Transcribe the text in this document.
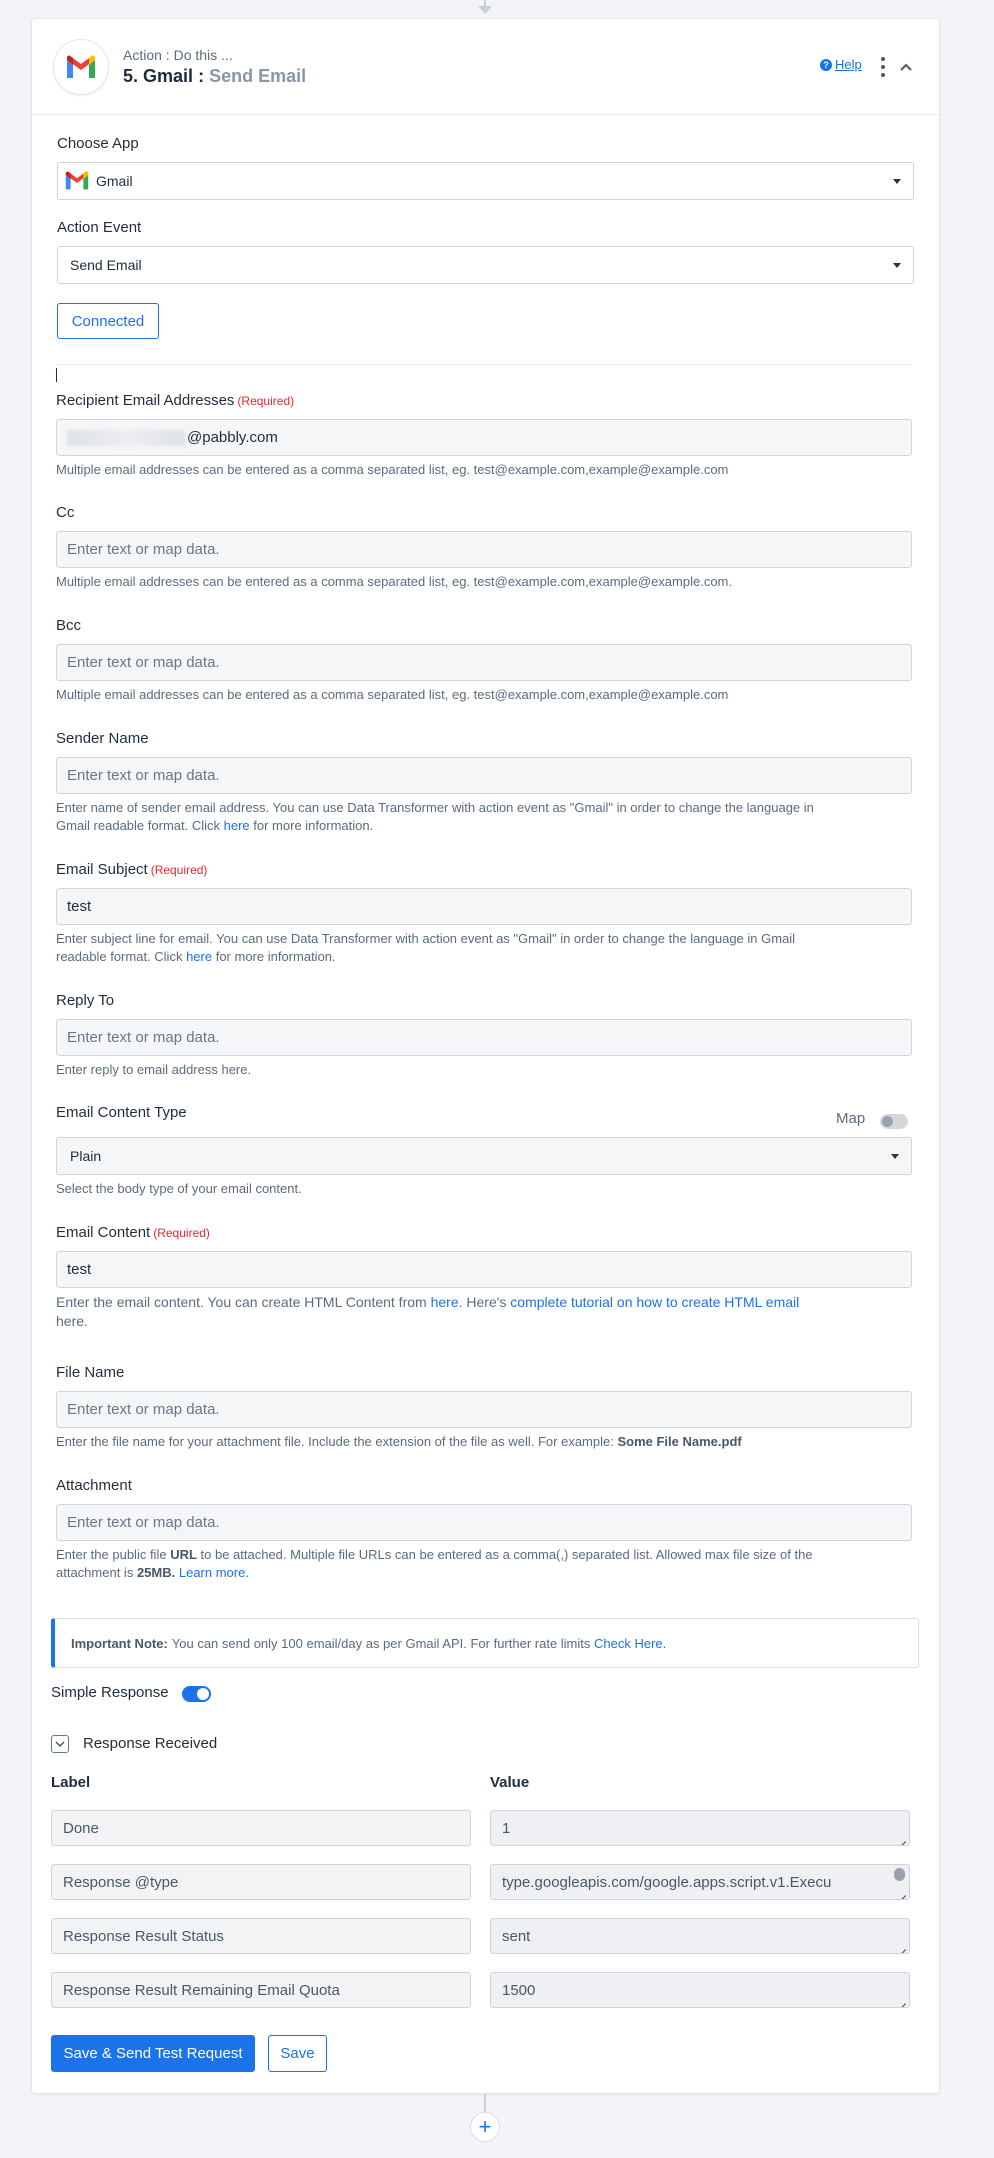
Action : Do this ...
5. Gmail : Send Email
? Help
Choose App
Gmail
Action Event
Send Email
Connected
Recipient Email Addresses (Required)
@pabbly.com
Multiple email addresses can be entered as a comma separated list, eg. test@example.com,example@example.com
Cc
Enter text or map data.
Multiple email addresses can be entered as a comma separated list, eg. test@example.com,example@example.com.
Bcc
Enter text or map data.
Multiple email addresses can be entered as a comma separated list, eg. test@example.com,example@example.com
Sender Name
Enter text or map data.
Enter name of sender email address. You can use Data Transformer with action event as "Gmail" in order to change the language in
Gmail readable format. Click here for more information.
Email Subject (Required)
test
Enter subject line for email. You can use Data Transformer with action event as "Gmail" in order to change the language in Gmail
readable format. Click here for more information.
Reply To
Enter text or map data.
Enter reply to email address here.
Email Content Type	Map
Plain
Select the body type of your email content.
Email Content (Required)
test
Enter the email content. You can create HTML Content from here. Here's complete tutorial on how to create HTML email
here.
File Name
Enter text or map data.
Enter the file name for your attachment file. Include the extension of the file as well. For example: Some File Name.pdf
Attachment
Enter text or map data.
Enter the public file URL to be attached. Multiple file URLs can be entered as a comma(,) separated list. Allowed max file size of the
attachment is 25MB. Learn more.
Important Note: You can send only 100 email/day as per Gmail API. For further rate limits
Check Here.
Simple Response
Response Received
Label	Value
Done	1
Response @type	type.googleapis.com/google.apps.script.v1.Execu
Response Result Status	sent
Response Result Remaining Email Quota	1500
Save & Send Test Request	Save
+
